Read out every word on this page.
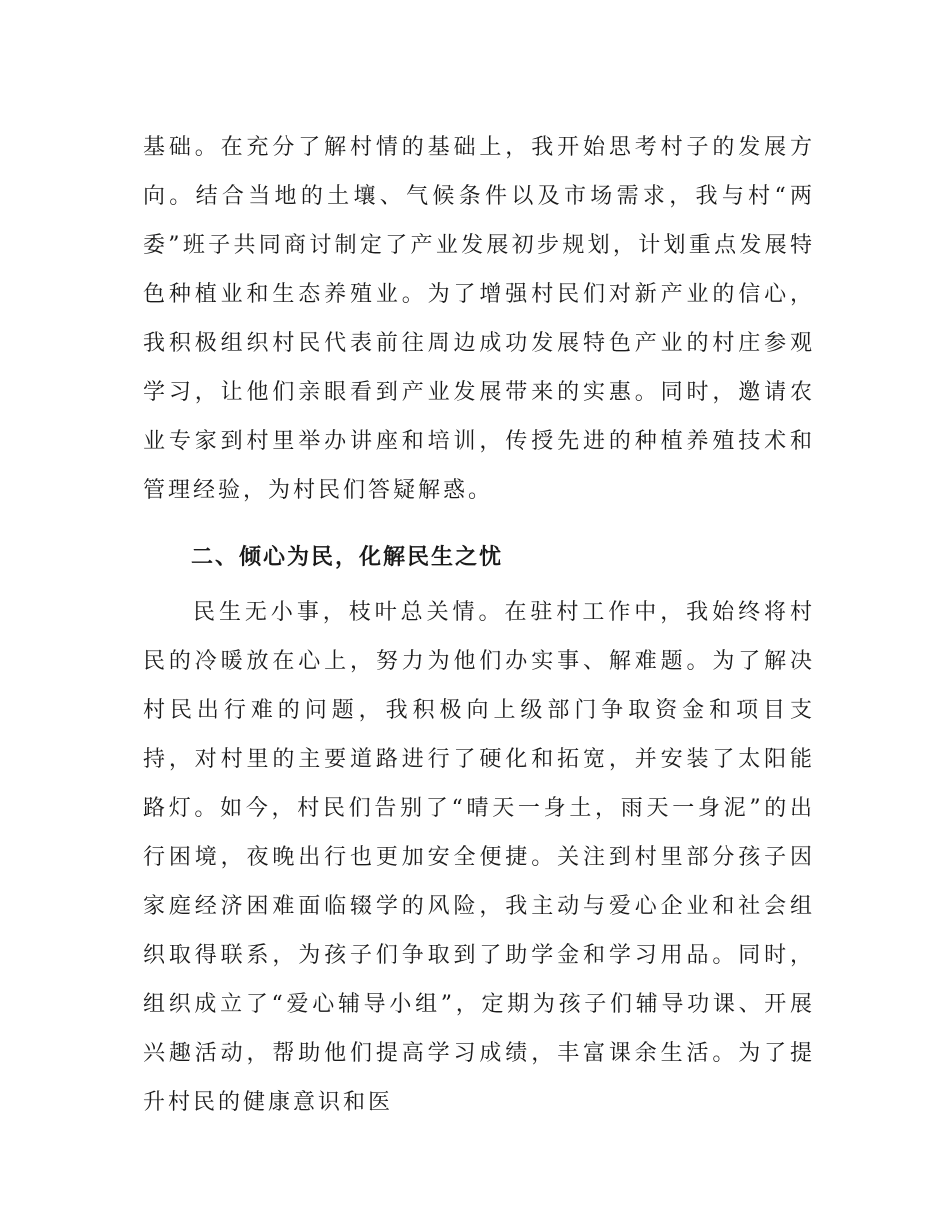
基础。在充分了解村情的基础上，我开始思考村子的发展方向。结合当地的土壤、气候条件以及市场需求，我与村“两委”班子共同商讨制定了产业发展初步规划，计划重点发展特色种植业和生态养殖业。为了增强村民们对新产业的信心，我积极组织村民代表前往周边成功发展特色产业的村庄参观学习，让他们亲眼看到产业发展带来的实惠。同时，邀请农业专家到村里举办讲座和培训，传授先进的种植养殖技术和管理经验，为村民们答疑解惑。

二、倾心为民，化解民生之忧

民生无小事，枝叶总关情。在驻村工作中，我始终将村民的冷暖放在心上，努力为他们办实事、解难题。为了解决村民出行难的问题，我积极向上级部门争取资金和项目支持，对村里的主要道路进行了硬化和拓宽，并安装了太阳能路灯。如今，村民们告别了“晴天一身土，雨天一身泥”的出行困境，夜晚出行也更加安全便捷。关注到村里部分孩子因家庭经济困难面临辍学的风险，我主动与爱心企业和社会组织取得联系，为孩子们争取到了助学金和学习用品。同时，组织成立了“爱心辅导小组”，定期为孩子们辅导功课、开展兴趣活动，帮助他们提高学习成绩，丰富课余生活。为了提升村民的健康意识和医
